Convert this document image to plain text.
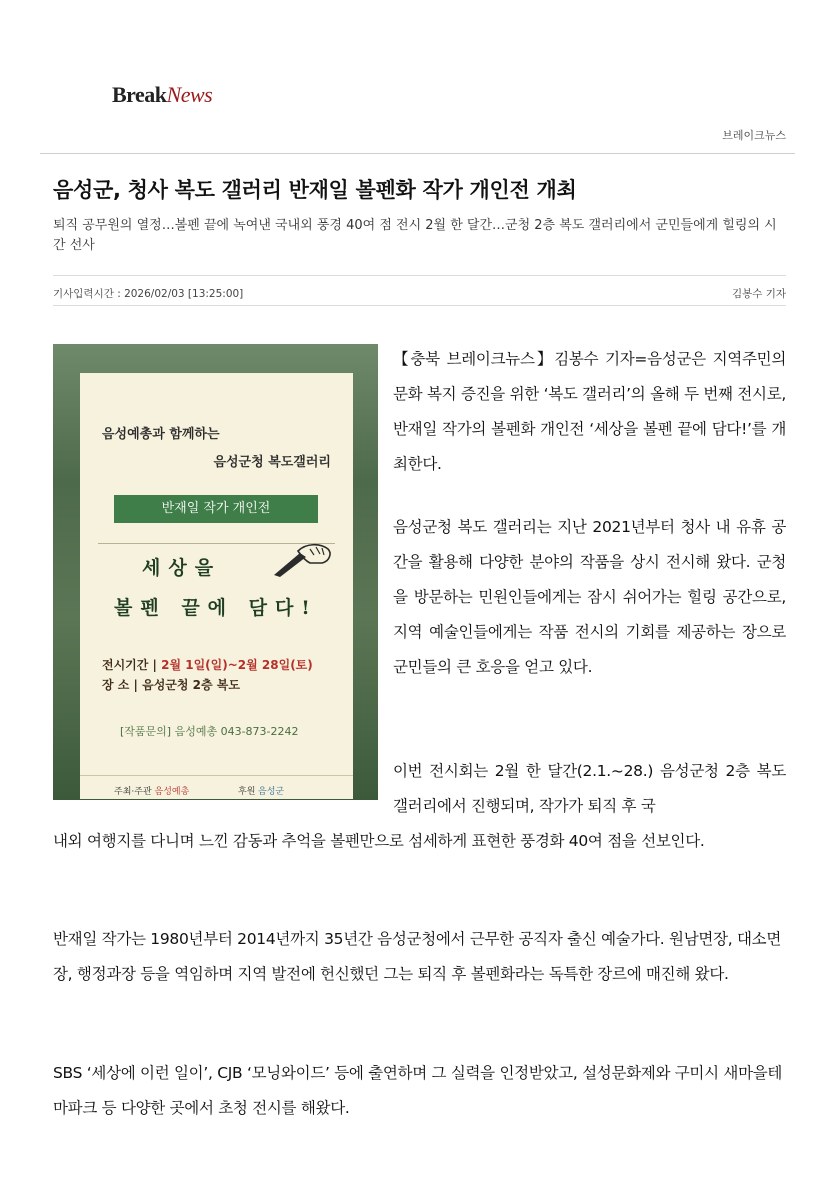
BreakNews
브레이크뉴스
음성군, 청사 복도 갤러리 반재일 볼펜화 작가 개인전 개최
퇴직 공무원의 열정…볼펜 끝에 녹여낸 국내외 풍경 40여 점 전시 2월 한 달간…군청 2층 복도 갤러리에서 군민들에게 힐링의 시간 선사
기사입력시간 : 2026/02/03 [13:25:00]	김봉수 기자
음성예총과 함께하는
음성군청 복도갤러리
반재일 작가 개인전
세상을
볼펜 끝에 담다!
전시기간 | 2월 1일(일)~2월 28일(토)
장 소 | 음성군청 2층 복도
[작품문의] 음성예총 043-873-2242
주최·주관 음성예총	후원 음성군
【충북 브레이크뉴스】김봉수 기자=음성군은 지역주민의 문화 복지 증진을 위한 ‘복도 갤러리’의 올해 두 번째 전시로, 반재일 작가의 볼펜화 개인전 ‘세상을 볼펜 끝에 담다!’를 개최한다.
음성군청 복도 갤러리는 지난 2021년부터 청사 내 유휴 공간을 활용해 다양한 분야의 작품을 상시 전시해 왔다. 군청을 방문하는 민원인들에게는 잠시 쉬어가는 힐링 공간으로, 지역 예술인들에게는 작품 전시의 기회를 제공하는 장으로 군민들의 큰 호응을 얻고 있다.
이번 전시회는 2월 한 달간(2.1.~28.) 음성군청 2층 복도 갤러리에서 진행되며, 작가가 퇴직 후 국
내외 여행지를 다니며 느낀 감동과 추억을 볼펜만으로 섬세하게 표현한 풍경화 40여 점을 선보인다.
반재일 작가는 1980년부터 2014년까지 35년간 음성군청에서 근무한 공직자 출신 예술가다. 원남면장, 대소면장, 행정과장 등을 역임하며 지역 발전에 헌신했던 그는 퇴직 후 볼펜화라는 독특한 장르에 매진해 왔다.
SBS ‘세상에 이런 일이’, CJB ‘모닝와이드’ 등에 출연하며 그 실력을 인정받았고, 설성문화제와 구미시 새마을테마파크 등 다양한 곳에서 초청 전시를 해왔다.
